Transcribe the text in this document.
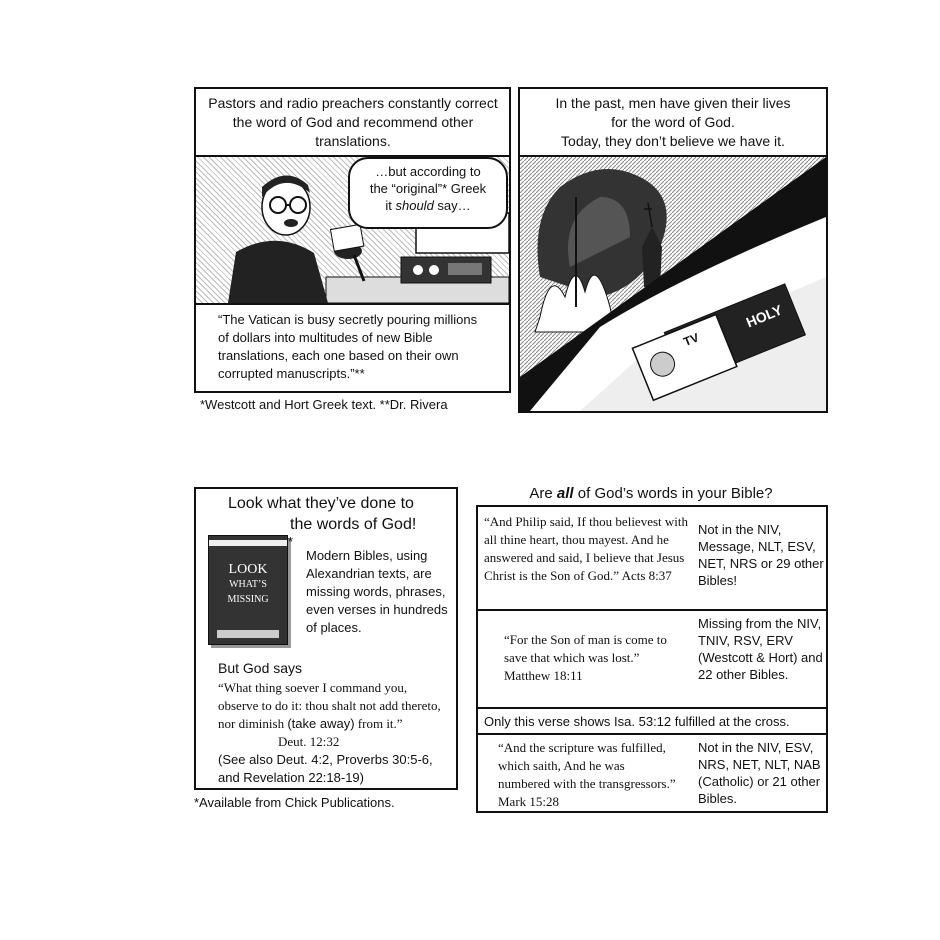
Pastors and radio preachers constantly correct the word of God and recommend other translations.
…but according to
the “original”* Greek
it should say…
“The Vatican is busy secretly pouring millions of dollars into multitudes of new Bible translations, each one based on their own corrupted manuscripts.”**
*Westcott and Hort Greek text. **Dr. Rivera
In the past, men have given their lives
for the word of God.
Today, they don’t believe we have it.
HOLY
TV
Look what they’ve done to
the words of God!
LOOK
WHAT’S
MISSING
*
Modern Bibles, using Alexandrian texts, are missing words, phrases, even verses in hundreds of places.
But God says
“What thing soever I command you, observe to do it: thou shalt not add thereto, nor diminish (take away) from it.” Deut. 12:32
(See also Deut. 4:2, Proverbs 30:5-6, and Revelation 22:18-19)
*Available from Chick Publications.
Are all of God’s words in your Bible?
“And Philip said, If thou believest with all thine heart, thou mayest. And he answered and said, I believe that Jesus Christ is the Son of God.” Acts 8:37
Not in the NIV, Message, NLT, ESV, NET, NRS or 29 other Bibles!
“For the Son of man is come to save that which was lost.” Matthew 18:11
Missing from the NIV, TNIV, RSV, ERV (Westcott & Hort) and 22 other Bibles.
Only this verse shows Isa. 53:12 fulfilled at the cross.
“And the scripture was fulfilled, which saith, And he was numbered with the transgressors.” Mark 15:28
Not in the NIV, ESV, NRS, NET, NLT, NAB (Catholic) or 21 other Bibles.
